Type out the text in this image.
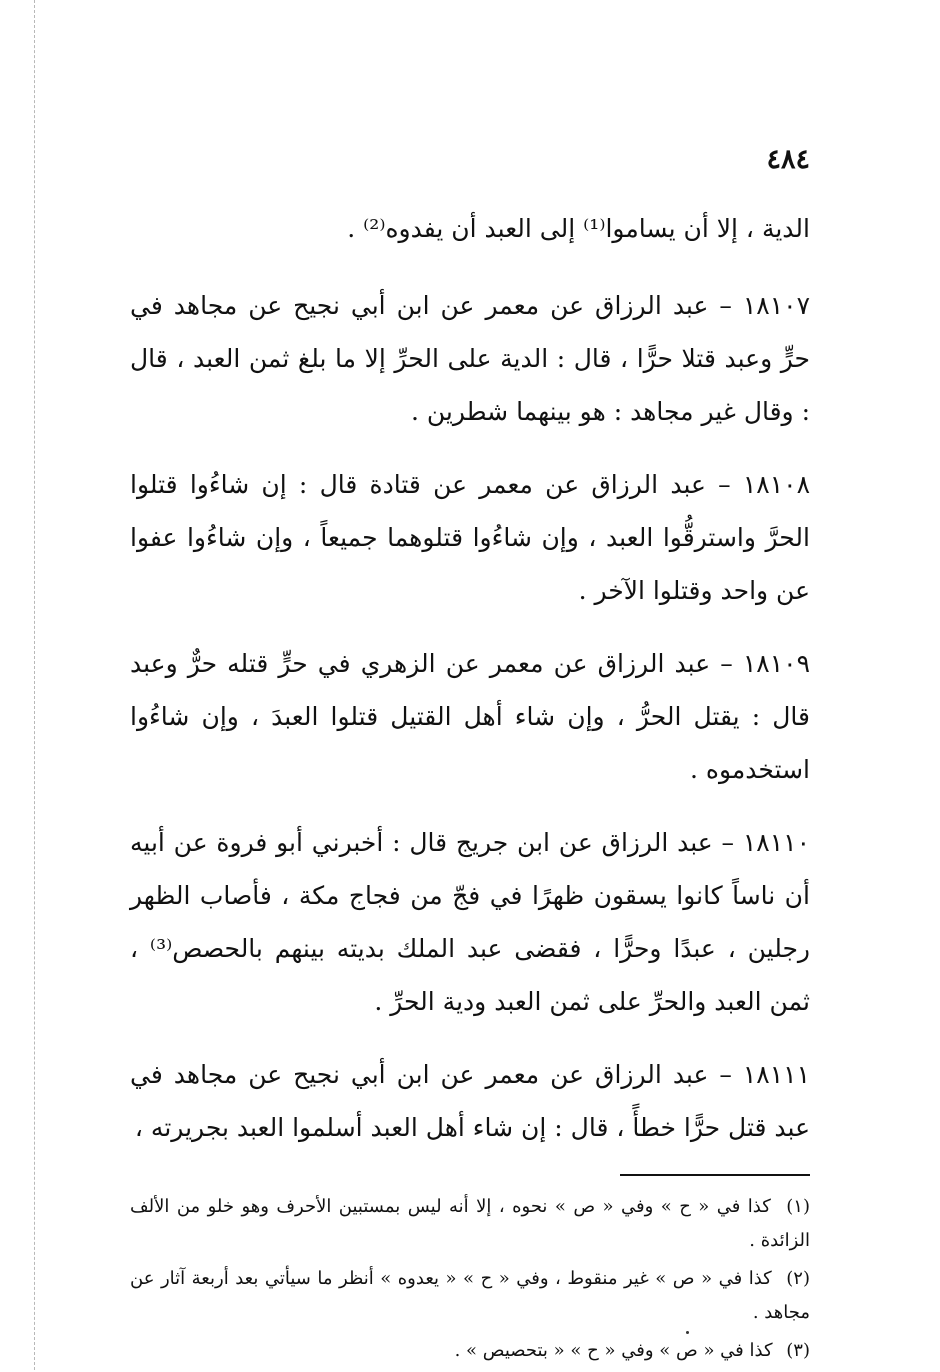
٤٨٤

الدية ، إلا أن يساموا⁽¹⁾ إلى العبد أن يفدوه⁽²⁾ .

١٨١٠٧ – عبد الرزاق عن معمر عن ابن أبي نجيح عن مجاهد في حرٍّ وعبد قتلا حرًّا ، قال : الدية على الحرِّ إلا ما بلغ ثمن العبد ، قال : وقال غير مجاهد : هو بينهما شطرين .

١٨١٠٨ – عبد الرزاق عن معمر عن قتادة قال : إن شاءُوا قتلوا الحرَّ واسترقُّوا العبد ، وإن شاءُوا قتلوهما جميعاً ، وإن شاءُوا عفوا عن واحد وقتلوا الآخر .

١٨١٠٩ – عبد الرزاق عن معمر عن الزهري في حرٍّ قتله حرٌّ وعبد قال : يقتل الحرُّ ، وإن شاء أهل القتيل قتلوا العبدَ ، وإن شاءُوا استخدموه .

١٨١١٠ – عبد الرزاق عن ابن جريج قال : أخبرني أبو فروة عن أبيه أن ناساً كانوا يسقون ظهرًا في فجّ من فجاج مكة ، فأصاب الظهر رجلين ، عبدًا وحرًّا ، فقضى عبد الملك بديته بينهم بالحصص⁽³⁾ ، ثمن العبد والحرِّ على ثمن العبد ودية الحرِّ .

١٨١١١ – عبد الرزاق عن معمر عن ابن أبي نجيح عن مجاهد في عبد قتل حرًّا خطأً ، قال : إن شاء أهل العبد أسلموا العبد بجريرته ،

(١) كذا في « ح » وفي « ص » نحوه ، إلا أنه ليس بمستبين الأحرف وهو خلو من الألف الزائدة .

(٢) كذا في « ص » غير منقوط ، وفي « ح » « يعدوه » أنظر ما سيأتي بعد أربعة آثار عن مجاهد .

(٣) كذا في « ص » وفي « ح » « بتحصيص » .
